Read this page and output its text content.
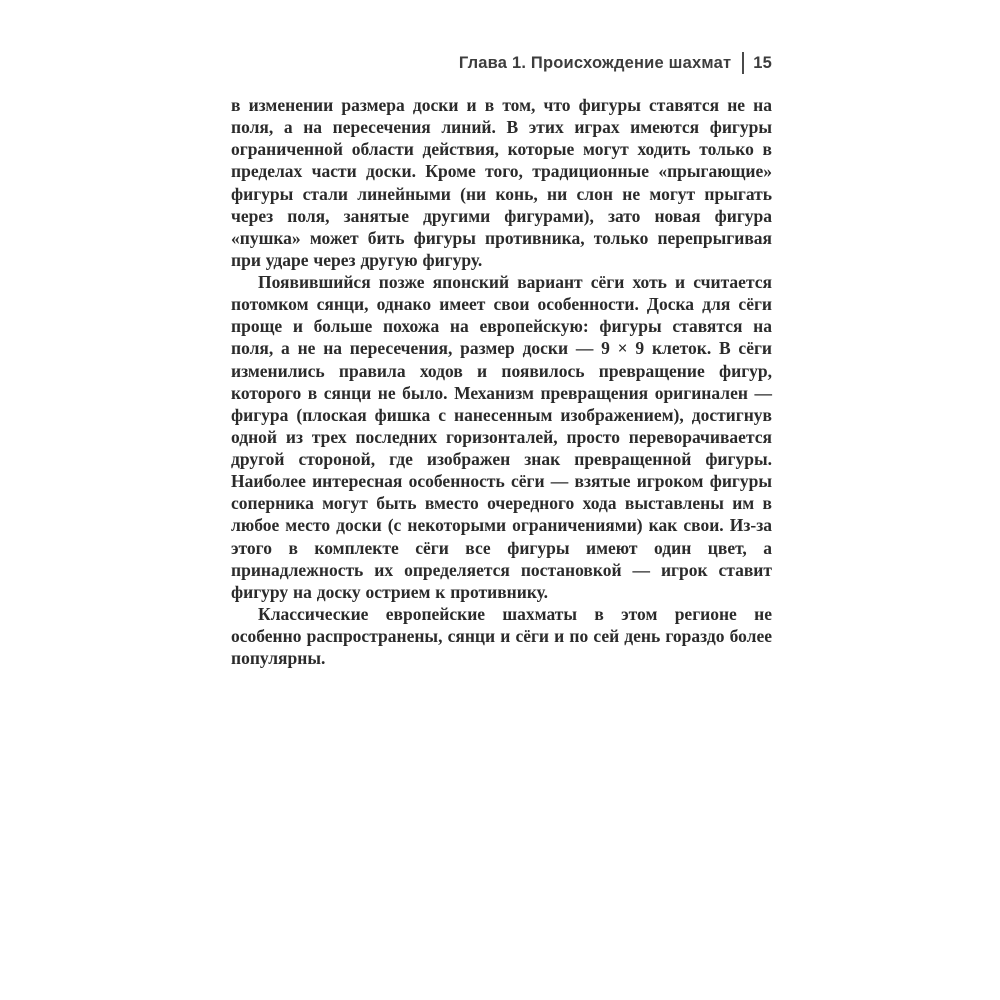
Глава 1. Происхождение шахмат 15

в изменении размера доски и в том, что фигуры ставятся не на поля, а на пересечения линий. В этих играх имеются фигуры ограниченной области действия, которые могут ходить только в пределах части доски. Кроме того, традиционные «прыгающие» фигуры стали линейными (ни конь, ни слон не могут прыгать через поля, занятые другими фигурами), зато новая фигура «пушка» может бить фигуры противника, только перепрыгивая при ударе через другую фигуру.

Появившийся позже японский вариант сёги хоть и считается потомком сянци, однако имеет свои особенности. Доска для сёги проще и больше похожа на европейскую: фигуры ставятся на поля, а не на пересечения, размер доски — 9 × 9 клеток. В сёги изменились правила ходов и появилось превращение фигур, которого в сянци не было. Механизм превращения оригинален — фигура (плоская фишка с нанесенным изображением), достигнув одной из трех последних горизонталей, просто переворачивается другой стороной, где изображен знак превращенной фигуры. Наиболее интересная особенность сёги — взятые игроком фигуры соперника могут быть вместо очередного хода выставлены им в любое место доски (с некоторыми ограничениями) как свои. Из-за этого в комплекте сёги все фигуры имеют один цвет, а принадлежность их определяется постановкой — игрок ставит фигуру на доску острием к противнику.

Классические европейские шахматы в этом регионе не особенно распространены, сянци и сёги и по сей день гораздо более популярны.
